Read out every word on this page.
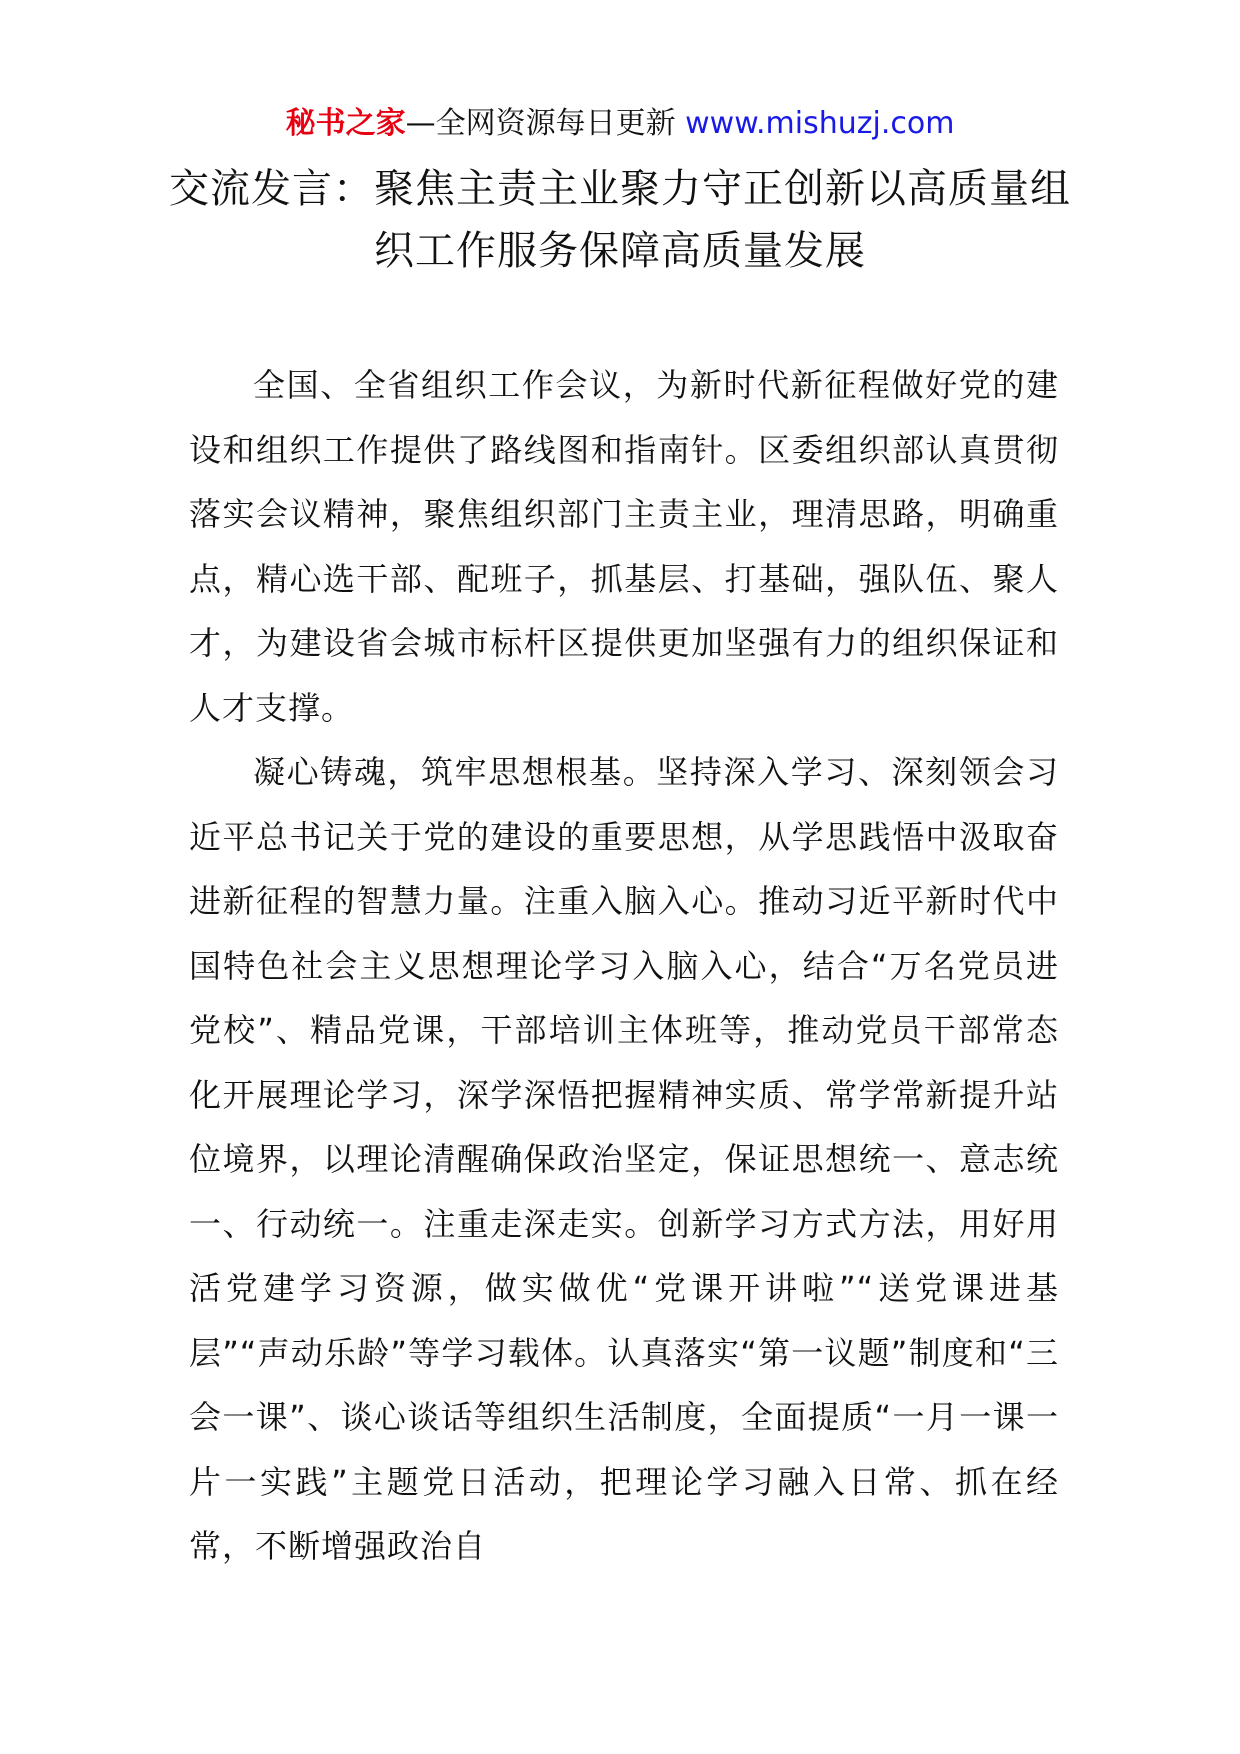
秘书之家—全网资源每日更新 www.mishuzj.com
交流发言：聚焦主责主业聚力守正创新以高质量组织工作服务保障高质量发展

全国、全省组织工作会议，为新时代新征程做好党的建设和组织工作提供了路线图和指南针。区委组织部认真贯彻落实会议精神，聚焦组织部门主责主业，理清思路，明确重点，精心选干部、配班子，抓基层、打基础，强队伍、聚人才，为建设省会城市标杆区提供更加坚强有力的组织保证和人才支撑。

凝心铸魂，筑牢思想根基。坚持深入学习、深刻领会习近平总书记关于党的建设的重要思想，从学思践悟中汲取奋进新征程的智慧力量。注重入脑入心。推动习近平新时代中国特色社会主义思想理论学习入脑入心，结合“万名党员进党校”、精品党课，干部培训主体班等，推动党员干部常态化开展理论学习，深学深悟把握精神实质、常学常新提升站位境界，以理论清醒确保政治坚定，保证思想统一、意志统一、行动统一。注重走深走实。创新学习方式方法，用好用活党建学习资源，做实做优“党课开讲啦”“送党课进基层”“声动乐龄”等学习载体。认真落实“第一议题”制度和“三会一课”、谈心谈话等组织生活制度，全面提质“一月一课一片一实践”主题党日活动，把理论学习融入日常、抓在经常，不断增强政治自
